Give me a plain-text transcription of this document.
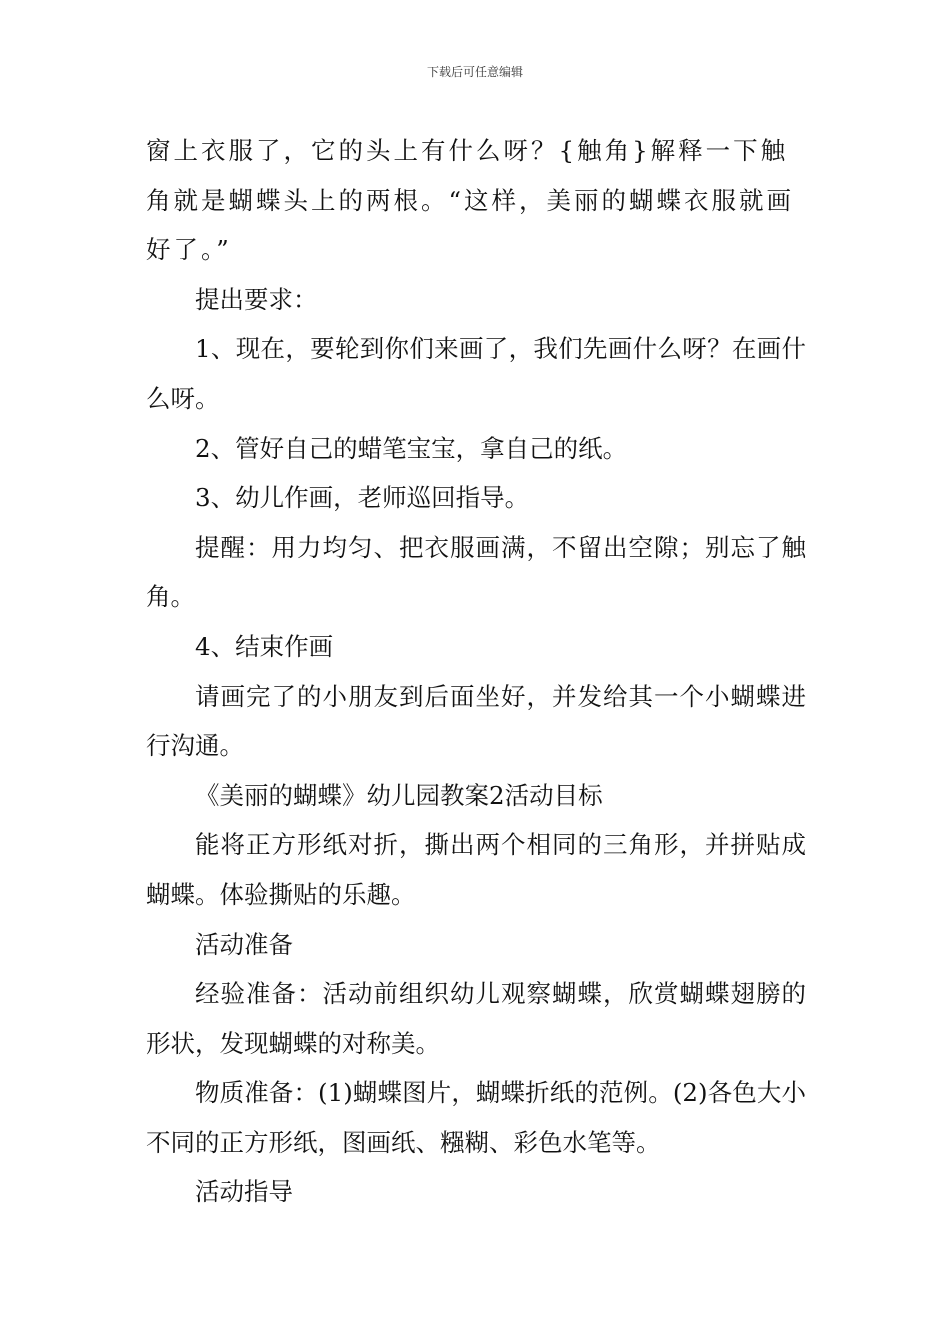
下载后可任意编辑

窗上衣服了，它的头上有什么呀？{触角}解释一下触角就是蝴蝶头上的两根。“这样，美丽的蝴蝶衣服就画好了。”

提出要求：

1、现在，要轮到你们来画了，我们先画什么呀？在画什么呀。

2、管好自己的蜡笔宝宝，拿自己的纸。

3、幼儿作画，老师巡回指导。

提醒：用力均匀、把衣服画满，不留出空隙；别忘了触角。

4、结束作画

请画完了的小朋友到后面坐好，并发给其一个小蝴蝶进行沟通。

《美丽的蝴蝶》幼儿园教案2活动目标

能将正方形纸对折，撕出两个相同的三角形，并拼贴成蝴蝶。体验撕贴的乐趣。

活动准备

经验准备：活动前组织幼儿观察蝴蝶，欣赏蝴蝶翅膀的形状，发现蝴蝶的对称美。

物质准备：(1)蝴蝶图片，蝴蝶折纸的范例。(2)各色大小不同的正方形纸，图画纸、糨糊、彩色水笔等。

活动指导
